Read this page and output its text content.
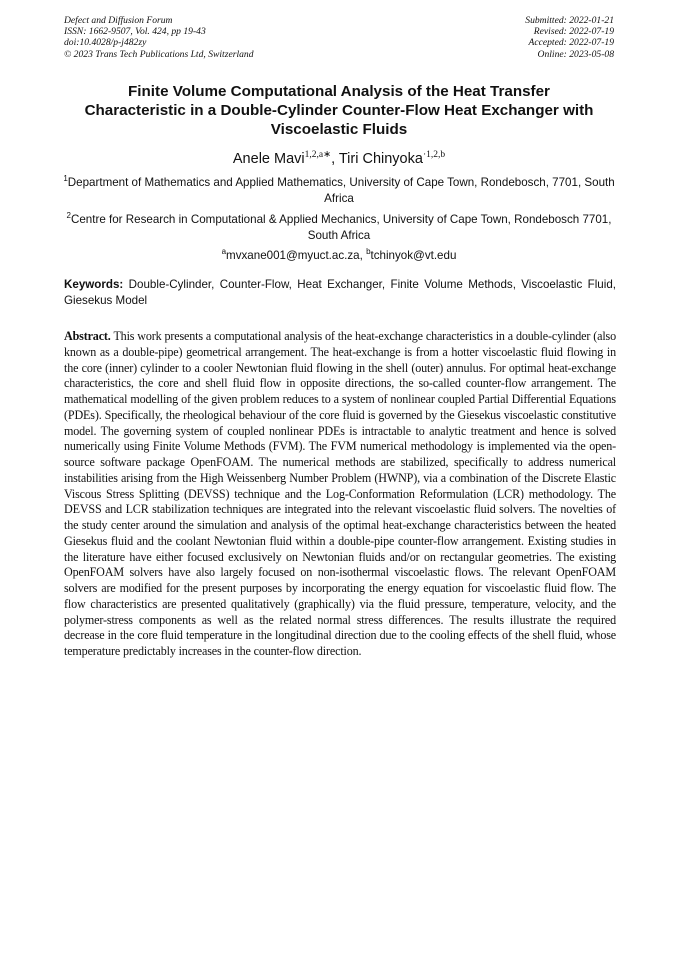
Defect and Diffusion Forum
ISSN: 1662-9507, Vol. 424, pp 19-43
doi:10.4028/p-j482zy
© 2023 Trans Tech Publications Ltd, Switzerland
Submitted: 2022-01-21
Revised: 2022-07-19
Accepted: 2022-07-19
Online: 2023-05-08
Finite Volume Computational Analysis of the Heat Transfer
Characteristic in a Double-Cylinder Counter-Flow Heat Exchanger with
Viscoelastic Fluids
Anele Mavi$^{1,2,a∗}$, Tiri Chinyoka$^{\cdot 1,2,b}$
$^1$Department of Mathematics and Applied Mathematics, University of Cape Town, Rondebosch, 7701, South Africa
$^2$Centre for Research in Computational & Applied Mechanics, University of Cape Town, Rondebosch 7701, South Africa
$^a$mvxane001@myuct.ac.za, $^b$tchinyok@vt.edu
Keywords: Double-Cylinder, Counter-Flow, Heat Exchanger, Finite Volume Methods, Viscoelastic Fluid, Giesekus Model
Abstract. This work presents a computational analysis of the heat-exchange characteristics in a double-cylinder (also known as a double-pipe) geometrical arrangement. The heat-exchange is from a hotter viscoelastic fluid flowing in the core (inner) cylinder to a cooler Newtonian fluid flowing in the shell (outer) annulus. For optimal heat-exchange characteristics, the core and shell fluid flow in opposite directions, the so-called counter-flow arrangement. The mathematical modelling of the given problem reduces to a system of nonlinear coupled Partial Differential Equations (PDEs). Specifically, the rheological behaviour of the core fluid is governed by the Giesekus viscoelastic constitutive model. The governing system of coupled nonlinear PDEs is intractable to analytic treatment and hence is solved numerically using Finite Volume Methods (FVM). The FVM numerical methodology is implemented via the open-source software package OpenFOAM. The numerical methods are stabilized, specifically to address numerical instabilities arising from the High Weissenberg Number Problem (HWNP), via a combination of the Discrete Elastic Viscous Stress Splitting (DEVSS) technique and the Log-Conformation Reformulation (LCR) methodology. The DEVSS and LCR stabilization techniques are integrated into the relevant viscoelastic fluid solvers. The novelties of the study center around the simulation and analysis of the optimal heat-exchange characteristics between the heated Giesekus fluid and the coolant Newtonian fluid within a double-pipe counter-flow arrangement. Existing studies in the literature have either focused exclusively on Newtonian fluids and/or on rectangular geometries. The existing OpenFOAM solvers have also largely focused on non-isothermal viscoelastic flows. The relevant OpenFOAM solvers are modified for the present purposes by incorporating the energy equation for viscoelastic fluid flow. The flow characteristics are presented qualitatively (graphically) via the fluid pressure, temperature, velocity, and the polymer-stress components as well as the related normal stress differences. The results illustrate the required decrease in the core fluid temperature in the longitudinal direction due to the cooling effects of the shell fluid, whose temperature predictably increases in the counter-flow direction.
